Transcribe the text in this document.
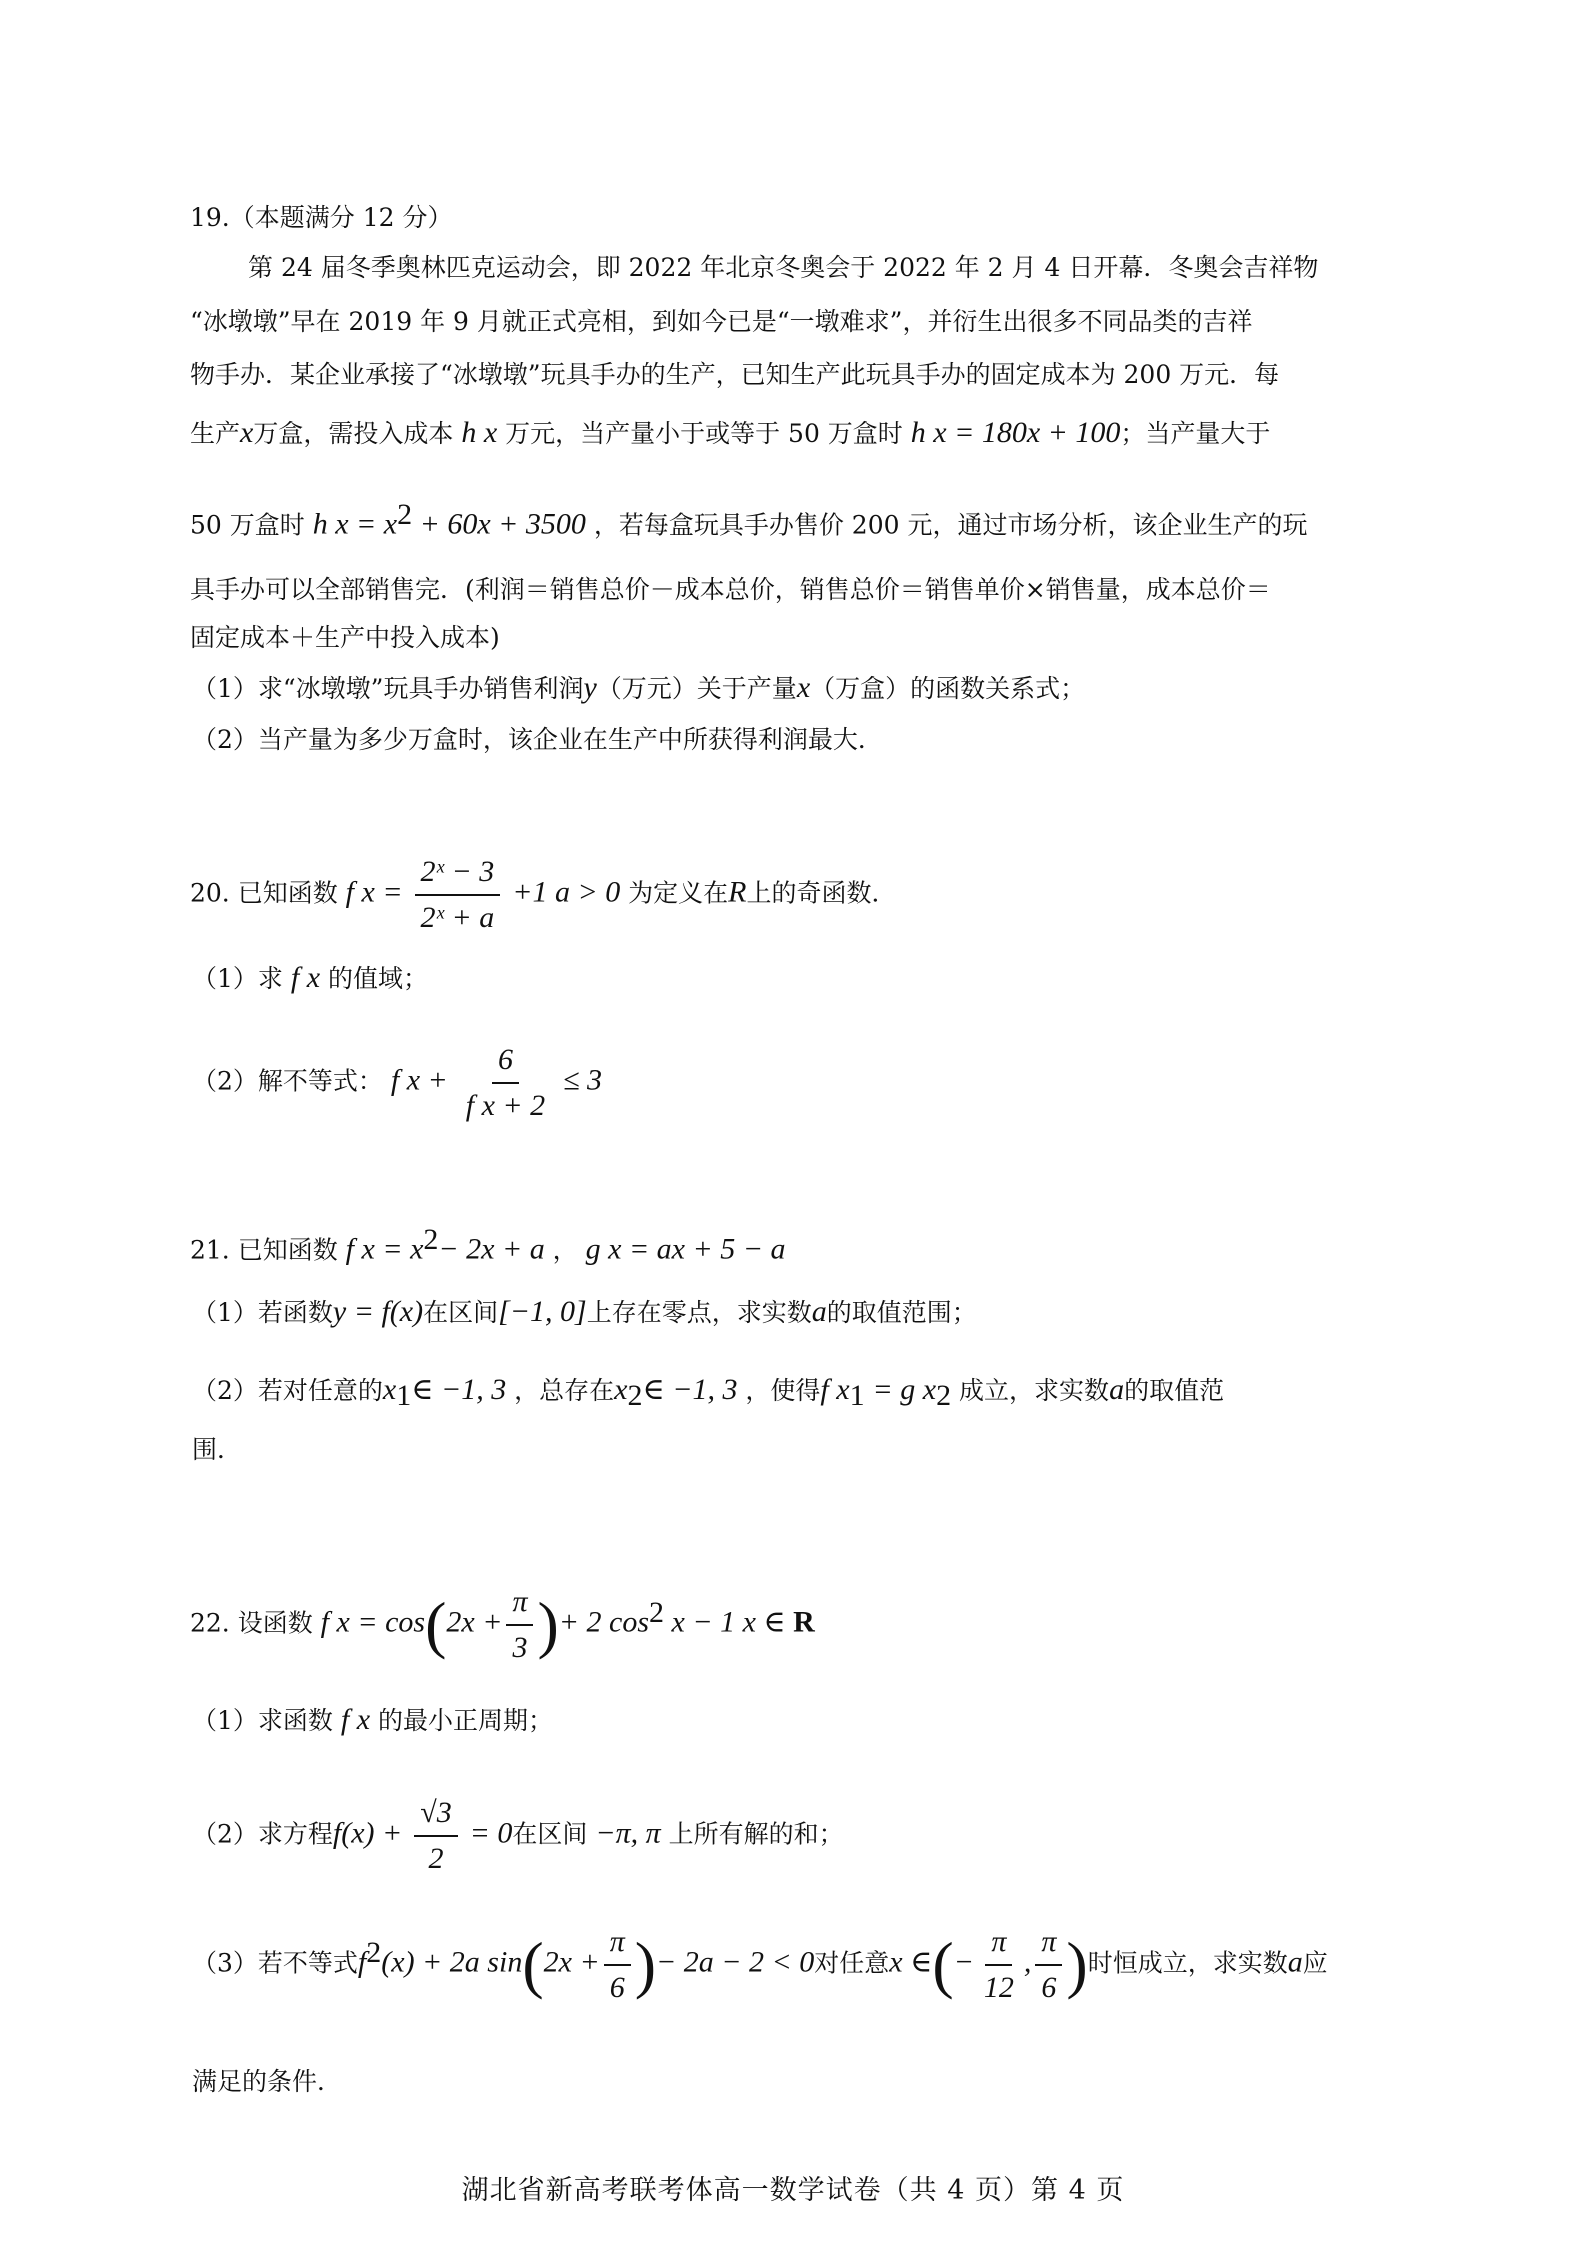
19.（本题满分 12 分）
第 24 届冬季奥林匹克运动会，即 2022 年北京冬奥会于 2022 年 2 月 4 日开幕．冬奥会吉祥物
“冰墩墩”早在 2019 年 9 月就正式亮相，到如今已是“一墩难求”，并衍生出很多不同品类的吉祥
物手办．某企业承接了“冰墩墩”玩具手办的生产，已知生产此玩具手办的固定成本为 200 万元．每
生产x万盒，需投入成本 h x 万元，当产量小于或等于 50 万盒时 h x = 180x + 100；当产量大于
50 万盒时 h $x = x^2 + 60x + 3500$ ，若每盒玩具手办售价 200 元，通过市场分析，该企业生产的玩
具手办可以全部销售完．(利润＝销售总价－成本总价，销售总价＝销售单价×销售量，成本总价＝
固定成本＋生产中投入成本)
（1）求“冰墩墩”玩具手办销售利润y（万元）关于产量x（万盒）的函数关系式；
（2）当产量为多少万盒时，该企业在生产中所获得利润最大．
20. 已知函数 f $x = \frac{\text{2ˣ − 3}}{\text{2ˣ + a}} +1$ a > 0 为定义在R上的奇函数．
（1）求 f x 的值域；
（2）解不等式： f $x + \frac{6}{\text{f x + 2}} \le 3$
21. 已知函数 f $x = x^2- 2x + a$ ， g x = ax + 5 − a
（1）若函数y = f(x)在区间[−1, 0]上存在零点，求实数a的取值范围；
（2）若对任意的$x_1\in -1$, 3 ，总存在$x_2\in -1$, 3 ，使得f $x_1 = g$ $x_2$ 成立，求实数a的取值范
围．
22. 设函数 f $x = \cos(2x + \frac{\pi}{3}$ )+ 2 $\cos^2 x - 1$ x ∈ R
（1）求函数 f x 的最小正周期；
（2）求方程$f(x) + \frac{√3}{2} = 0$在区间 −π, π 上所有解的和；
（3）若不等式$f^2(x) + 2a$ $\sin(2x + \frac{\pi}{6}$ )− 2a − 2 < 0对任意x ∈(− $\frac{\pi}{12}$ , $\frac{\pi}{6}$ )时恒成立，求实数a应
满足的条件．
湖北省新高考联考体高一数学试卷（共 4 页）第 4 页
